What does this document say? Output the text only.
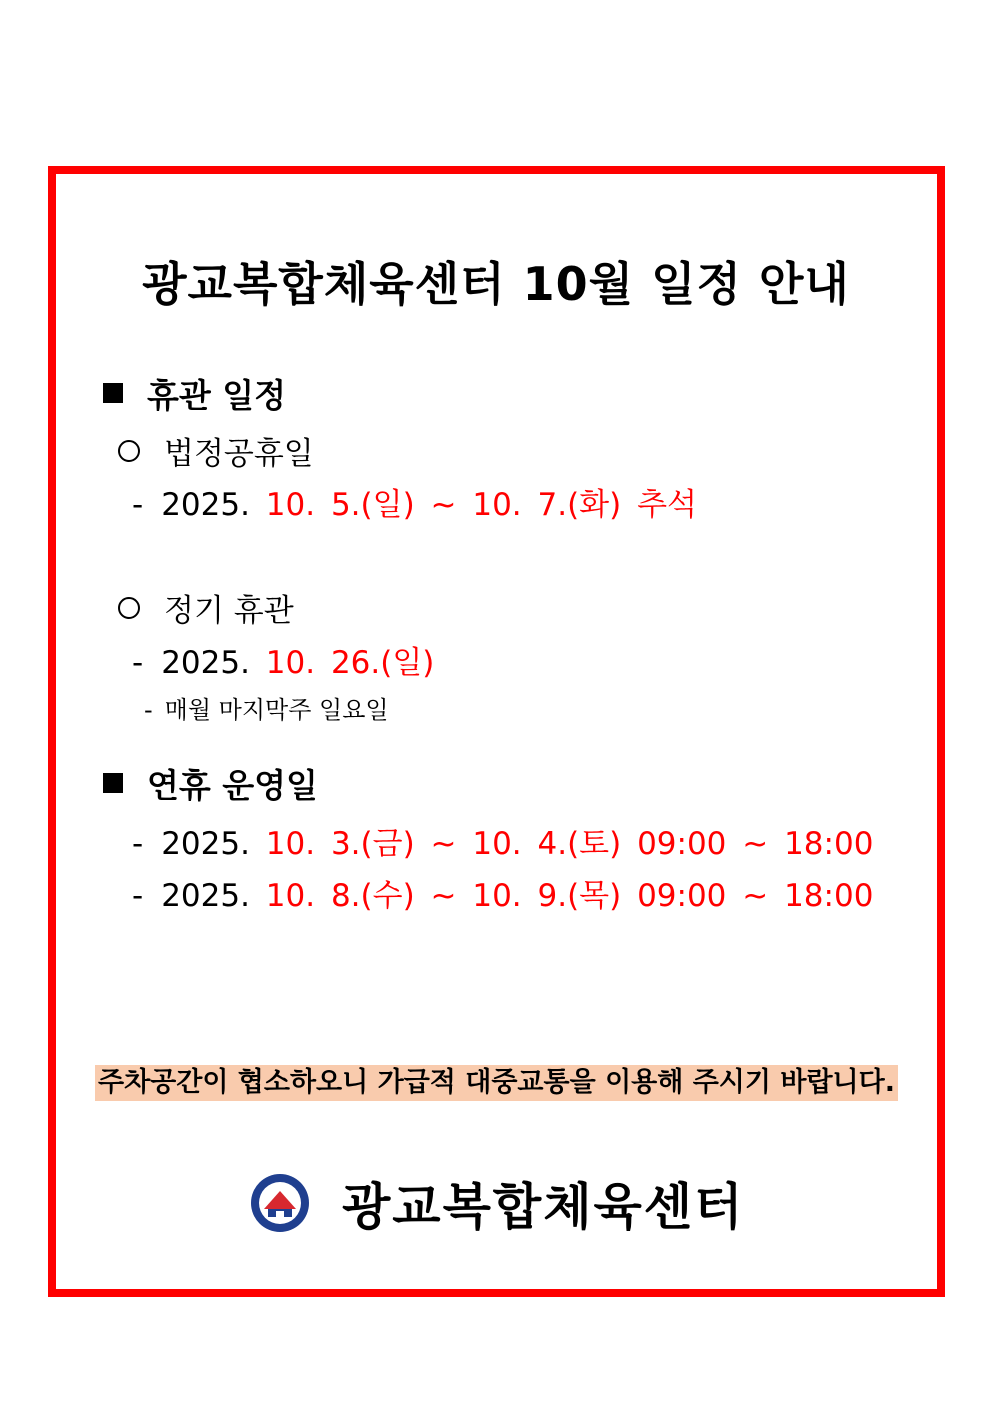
광교복합체육센터 10월 일정 안내
휴관 일정
법정공휴일
- 2025. 10. 5.(일) ~ 10. 7.(화) 추석
정기 휴관
- 2025. 10. 26.(일)
- 매월 마지막주 일요일
연휴 운영일
- 2025. 10. 3.(금) ~ 10. 4.(토) 09:00 ~ 18:00
- 2025. 10. 8.(수) ~ 10. 9.(목) 09:00 ~ 18:00
주차공간이 협소하오니 가급적 대중교통을 이용해 주시기 바랍니다.
광교복합체육센터
